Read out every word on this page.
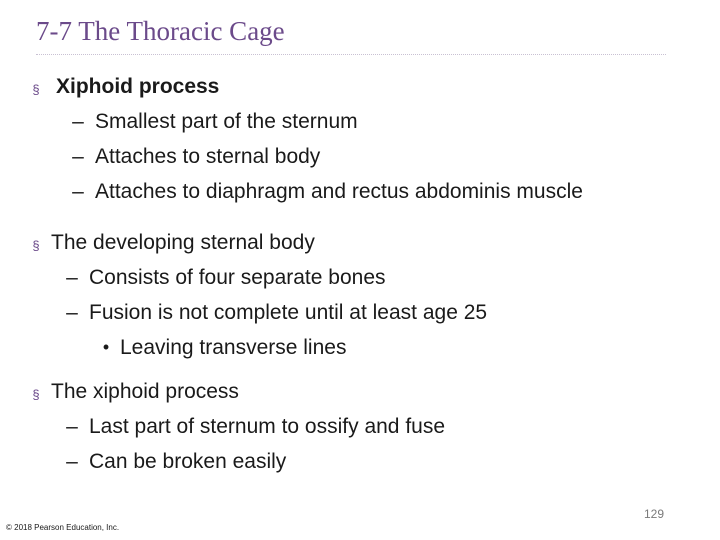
7-7 The Thoracic Cage
§ Xiphoid process
– Smallest part of the sternum
– Attaches to sternal body
– Attaches to diaphragm and rectus abdominis muscle
§ The developing sternal body
– Consists of four separate bones
– Fusion is not complete until at least age 25
• Leaving transverse lines
§ The xiphoid process
– Last part of sternum to ossify and fuse
– Can be broken easily
129
© 2018 Pearson Education, Inc.
